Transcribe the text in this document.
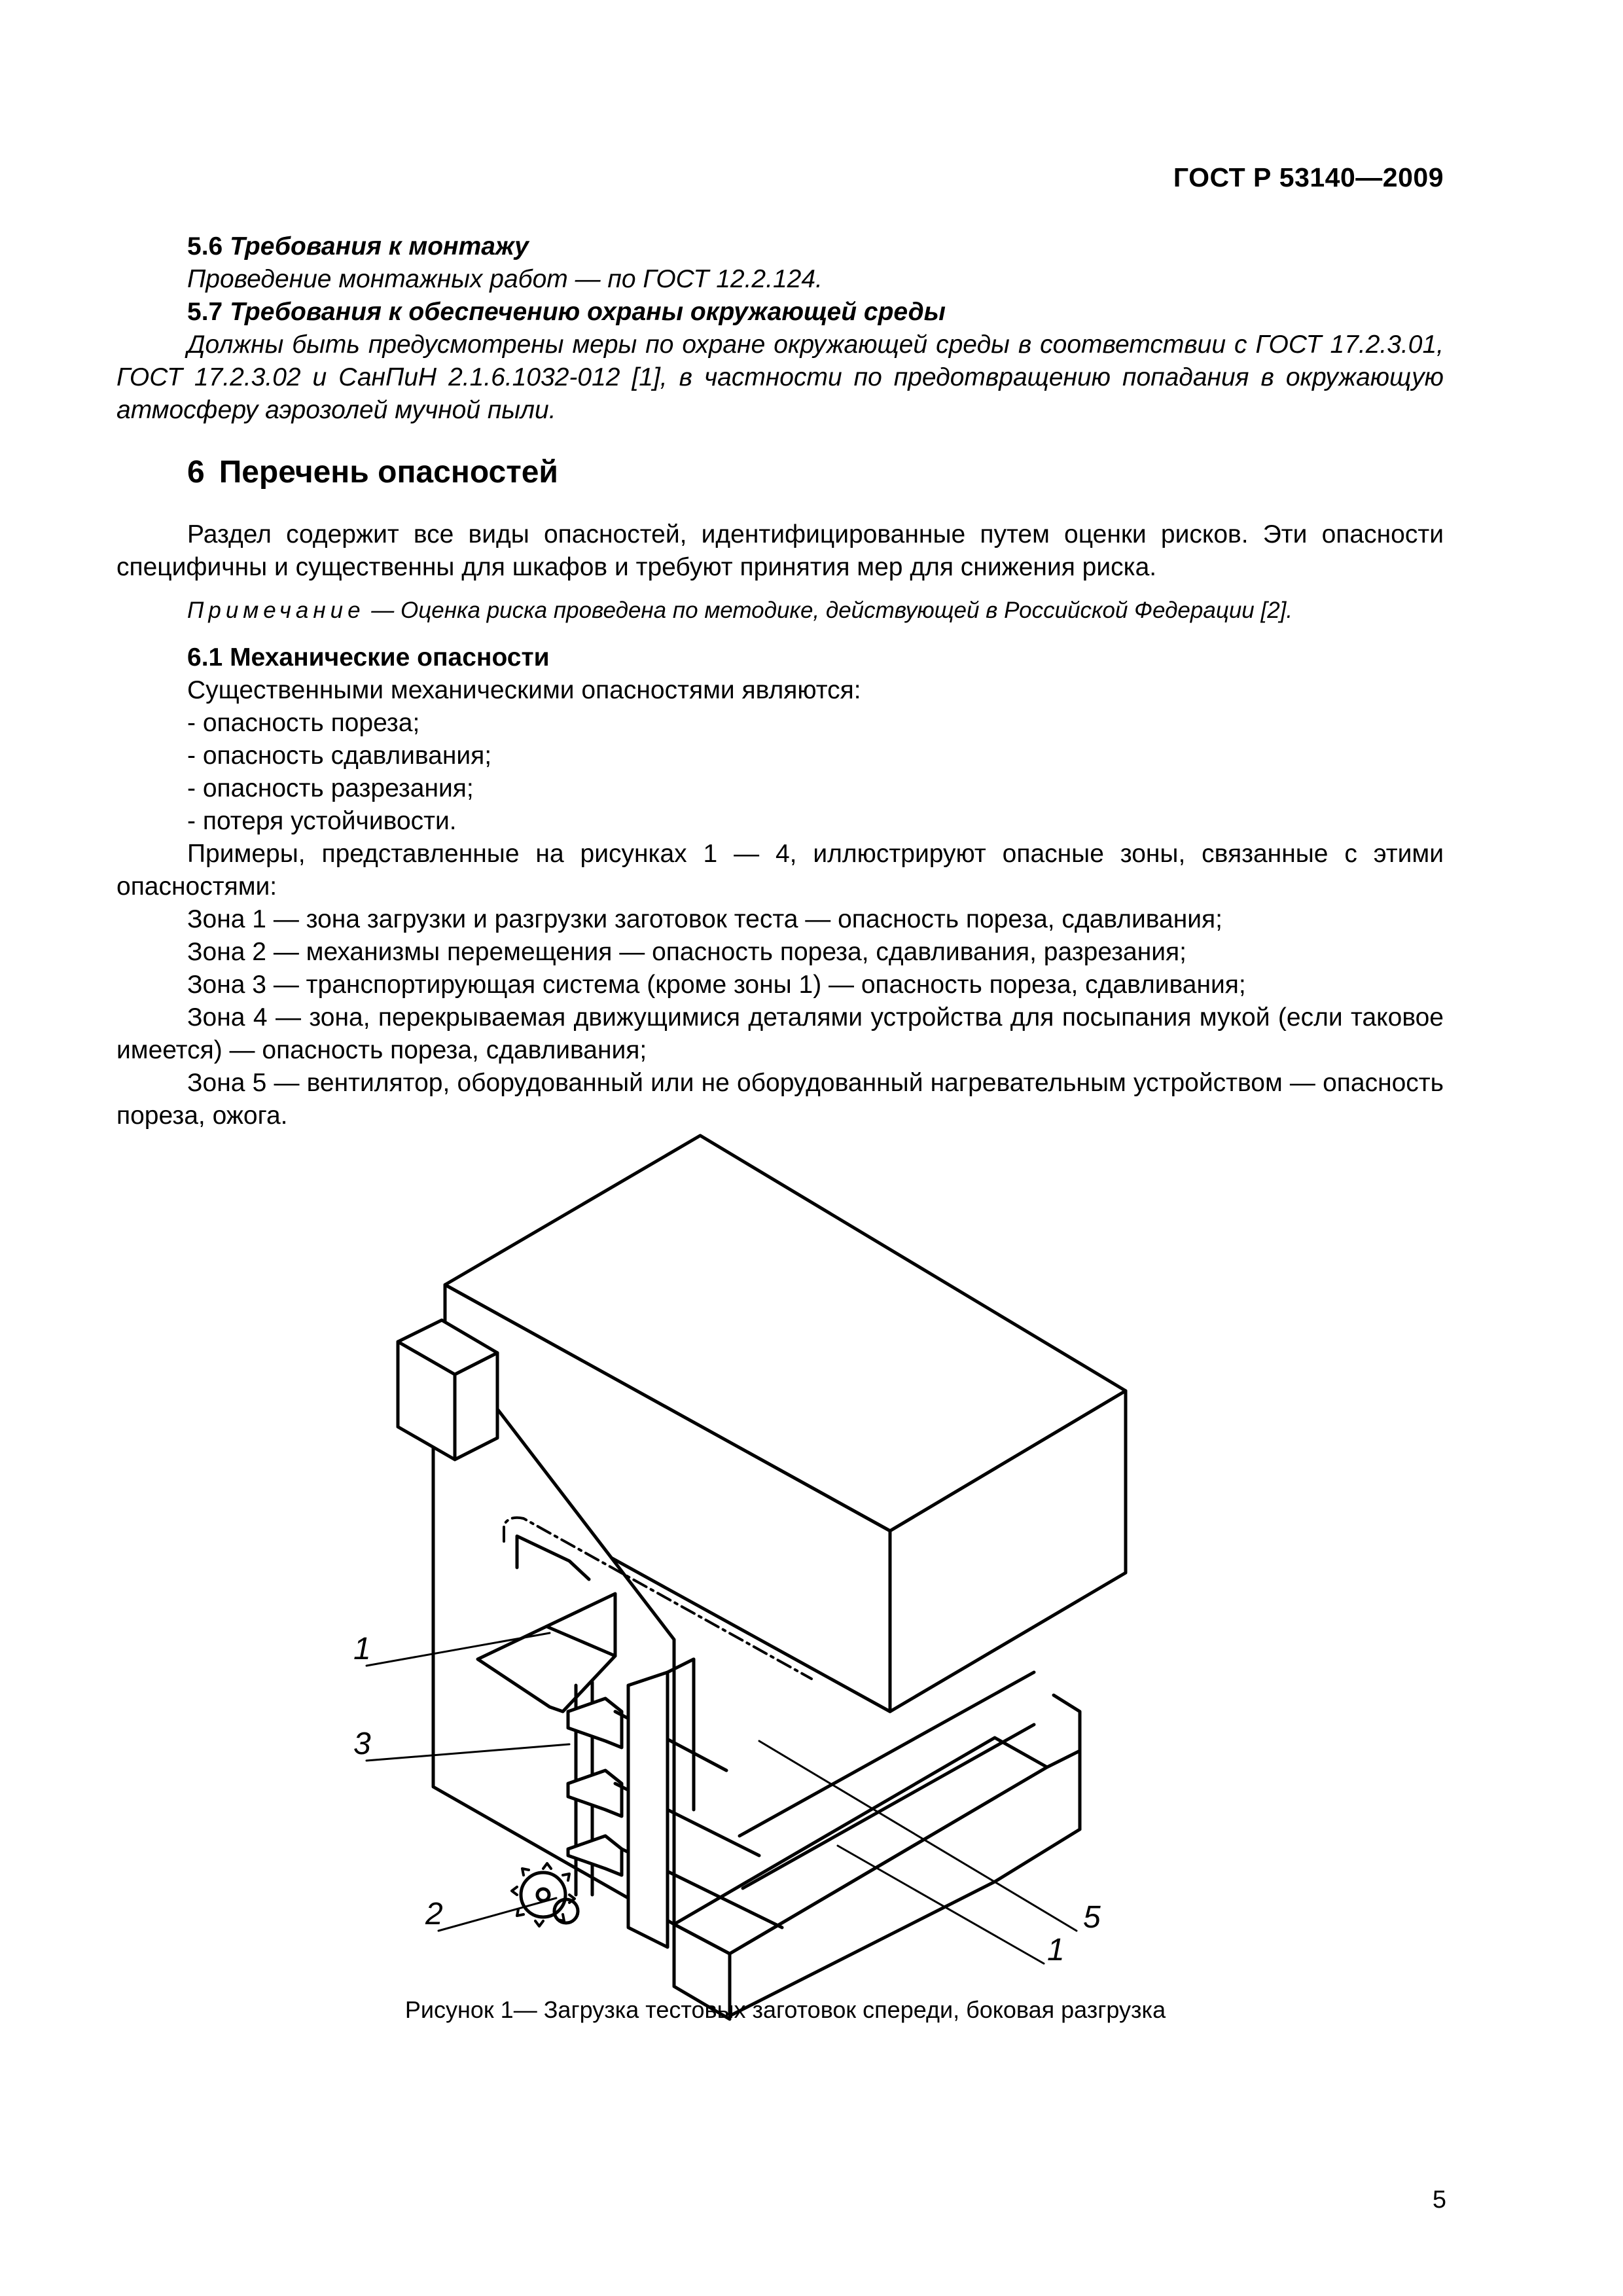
ГОСТ Р 53140—2009

5.6 Требования к монтажу

Проведение монтажных работ — по ГОСТ 12.2.124.

5.7 Требования к обеспечению охраны окружающей среды

Должны быть предусмотрены меры по охране окружающей среды в соответствии с ГОСТ 17.2.3.01, ГОСТ 17.2.3.02 и СанПиН 2.1.6.1032-012 [1], в частности по предотвращению попадания в окружающую атмосферу аэрозолей мучной пыли.

6 Перечень опасностей

Раздел содержит все виды опасностей, идентифицированные путем оценки рисков. Эти опасности специфичны и существенны для шкафов и требуют принятия мер для снижения риска.

Примечание — Оценка риска проведена по методике, действующей в Российской Федерации [2].

6.1 Механические опасности

Существенными механическими опасностями являются:

- опасность пореза;

- опасность сдавливания;

- опасность разрезания;

- потеря устойчивости.

Примеры, представленные на рисунках 1 — 4, иллюстрируют опасные зоны, связанные с этими опасностями:

Зона 1 — зона загрузки и разгрузки заготовок теста — опасность пореза, сдавливания;

Зона 2 — механизмы перемещения — опасность пореза, сдавливания, разрезания;

Зона 3 — транспортирующая система (кроме зоны 1) — опасность пореза, сдавливания;

Зона 4 — зона, перекрываемая движущимися деталями устройства для посыпания мукой (если таковое имеется) — опасность пореза, сдавливания;

Зона 5 — вентилятор, оборудованный или не оборудованный нагревательным устройством — опасность пореза, ожога.

1
3
2	5
1
Рисунок 1— Загрузка тестовых заготовок спереди, боковая разгрузка
5
